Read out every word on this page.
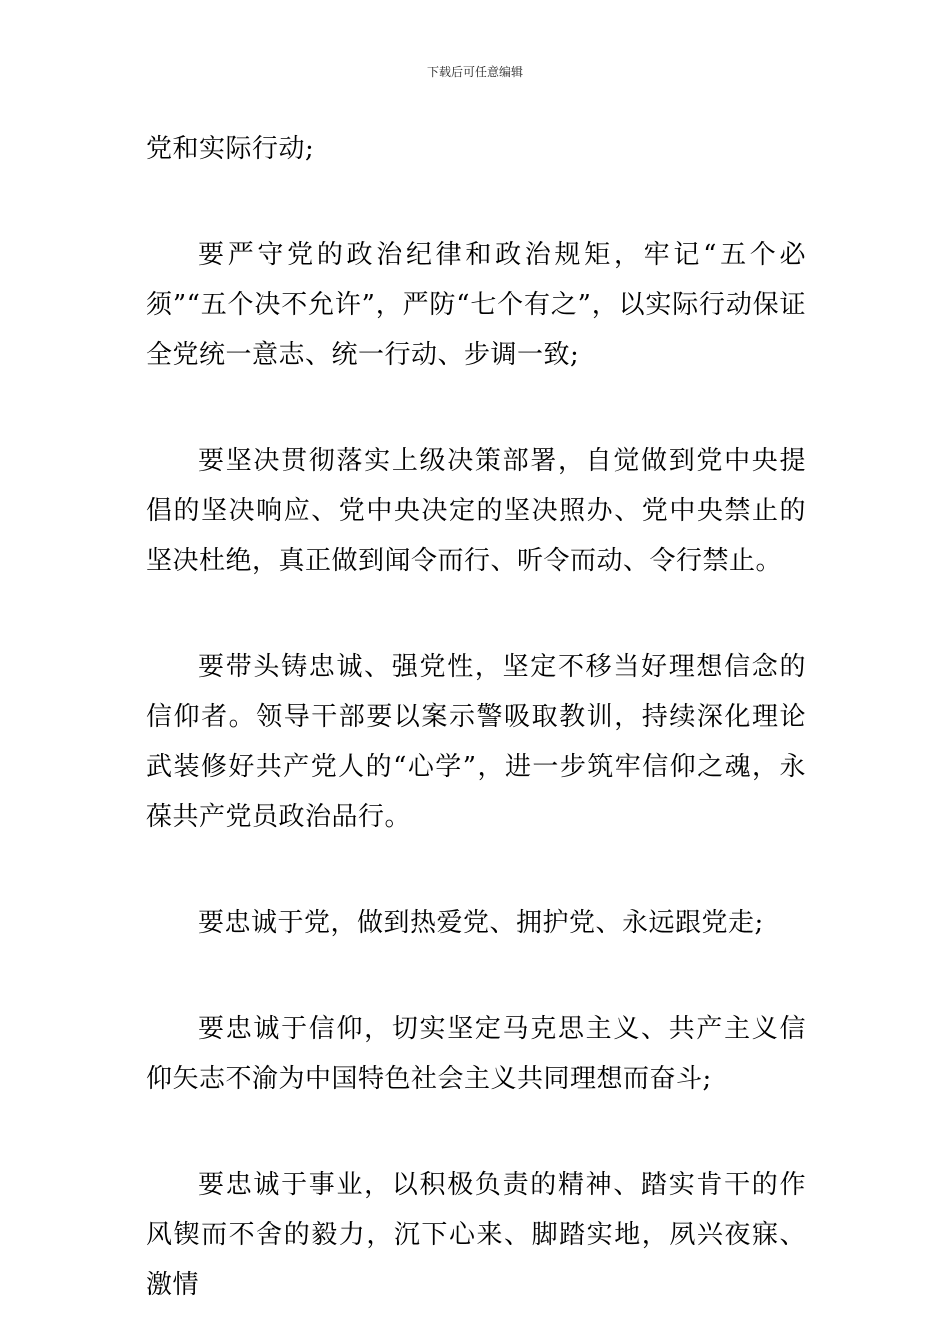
下载后可任意编辑

党和实际行动;

要严守党的政治纪律和政治规矩，牢记“五个必须”“五个决不允许”，严防“七个有之”，以实际行动保证全党统一意志、统一行动、步调一致;

要坚决贯彻落实上级决策部署，自觉做到党中央提倡的坚决响应、党中央决定的坚决照办、党中央禁止的坚决杜绝，真正做到闻令而行、听令而动、令行禁止。

要带头铸忠诚、强党性，坚定不移当好理想信念的信仰者。领导干部要以案示警吸取教训，持续深化理论武装修好共产党人的“心学”，进一步筑牢信仰之魂，永葆共产党员政治品行。

要忠诚于党，做到热爱党、拥护党、永远跟党走;

要忠诚于信仰，切实坚定马克思主义、共产主义信仰矢志不渝为中国特色社会主义共同理想而奋斗;

要忠诚于事业，以积极负责的精神、踏实肯干的作风锲而不舍的毅力，沉下心来、脚踏实地，夙兴夜寐、激情
